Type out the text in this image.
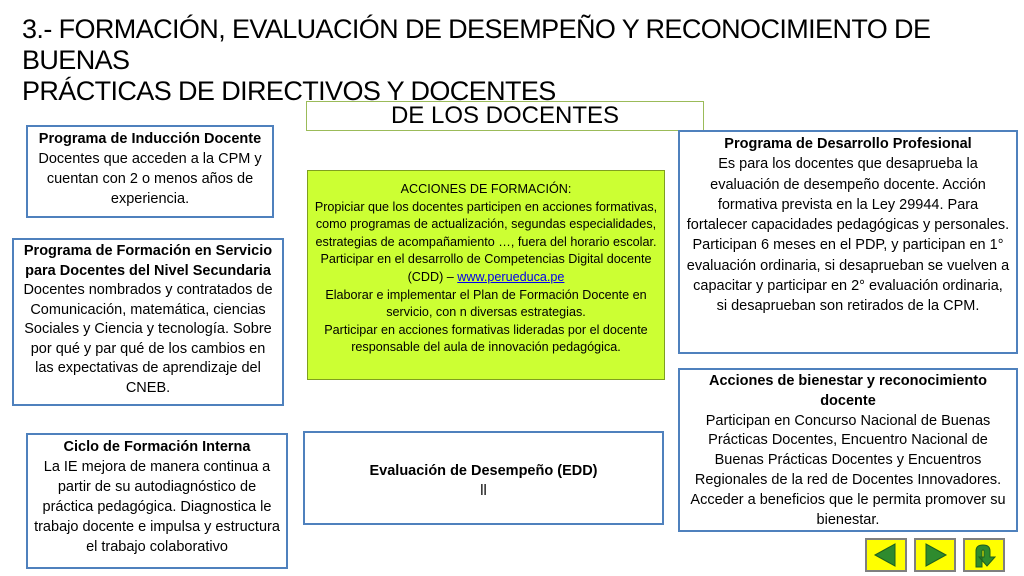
3.- FORMACIÓN, EVALUACIÓN DE DESEMPEÑO Y RECONOCIMIENTO DE BUENAS
PRÁCTICAS DE DIRECTIVOS Y DOCENTES
DE LOS DOCENTES
Programa de Inducción Docente
Docentes que acceden a la CPM y cuentan con 2 o menos años de experiencia.
Programa de Formación en Servicio para Docentes del Nivel Secundaria
Docentes nombrados y contratados de Comunicación, matemática, ciencias Sociales y Ciencia y tecnología. Sobre por qué y par qué de los cambios en las expectativas de aprendizaje del CNEB.
Ciclo de Formación Interna
La IE mejora de manera continua a partir de su autodiagnóstico de práctica pedagógica. Diagnostica le trabajo docente e impulsa y estructura el trabajo colaborativo
ACCIONES DE FORMACIÓN:
Propiciar que los docentes participen en acciones formativas, como programas de actualización, segundas especialidades, estrategias de acompañamiento …, fuera del horario escolar.
Participar en el desarrollo de Competencias Digital docente (CDD) – www.perueduca.pe
Elaborar e implementar el Plan de Formación Docente en servicio, con n diversas estrategias.
Participar en acciones formativas lideradas por el docente responsable del aula de innovación pedagógica.
Evaluación de Desempeño (EDD)
ll
Programa de Desarrollo Profesional
Es para los docentes que desaprueba la evaluación de desempeño docente. Acción formativa prevista en la Ley 29944. Para fortalecer capacidades pedagógicas y personales.
Participan 6 meses en el PDP, y participan en 1° evaluación ordinaria, si desaprueban se vuelven a capacitar y participar en 2° evaluación ordinaria, si desaprueban son retirados de la CPM.
Acciones de bienestar y reconocimiento docente
Participan en Concurso Nacional de Buenas Prácticas Docentes, Encuentro Nacional de Buenas Prácticas Docentes y Encuentros Regionales de la red de Docentes Innovadores. Acceder a beneficios que le permita promover su bienestar.
